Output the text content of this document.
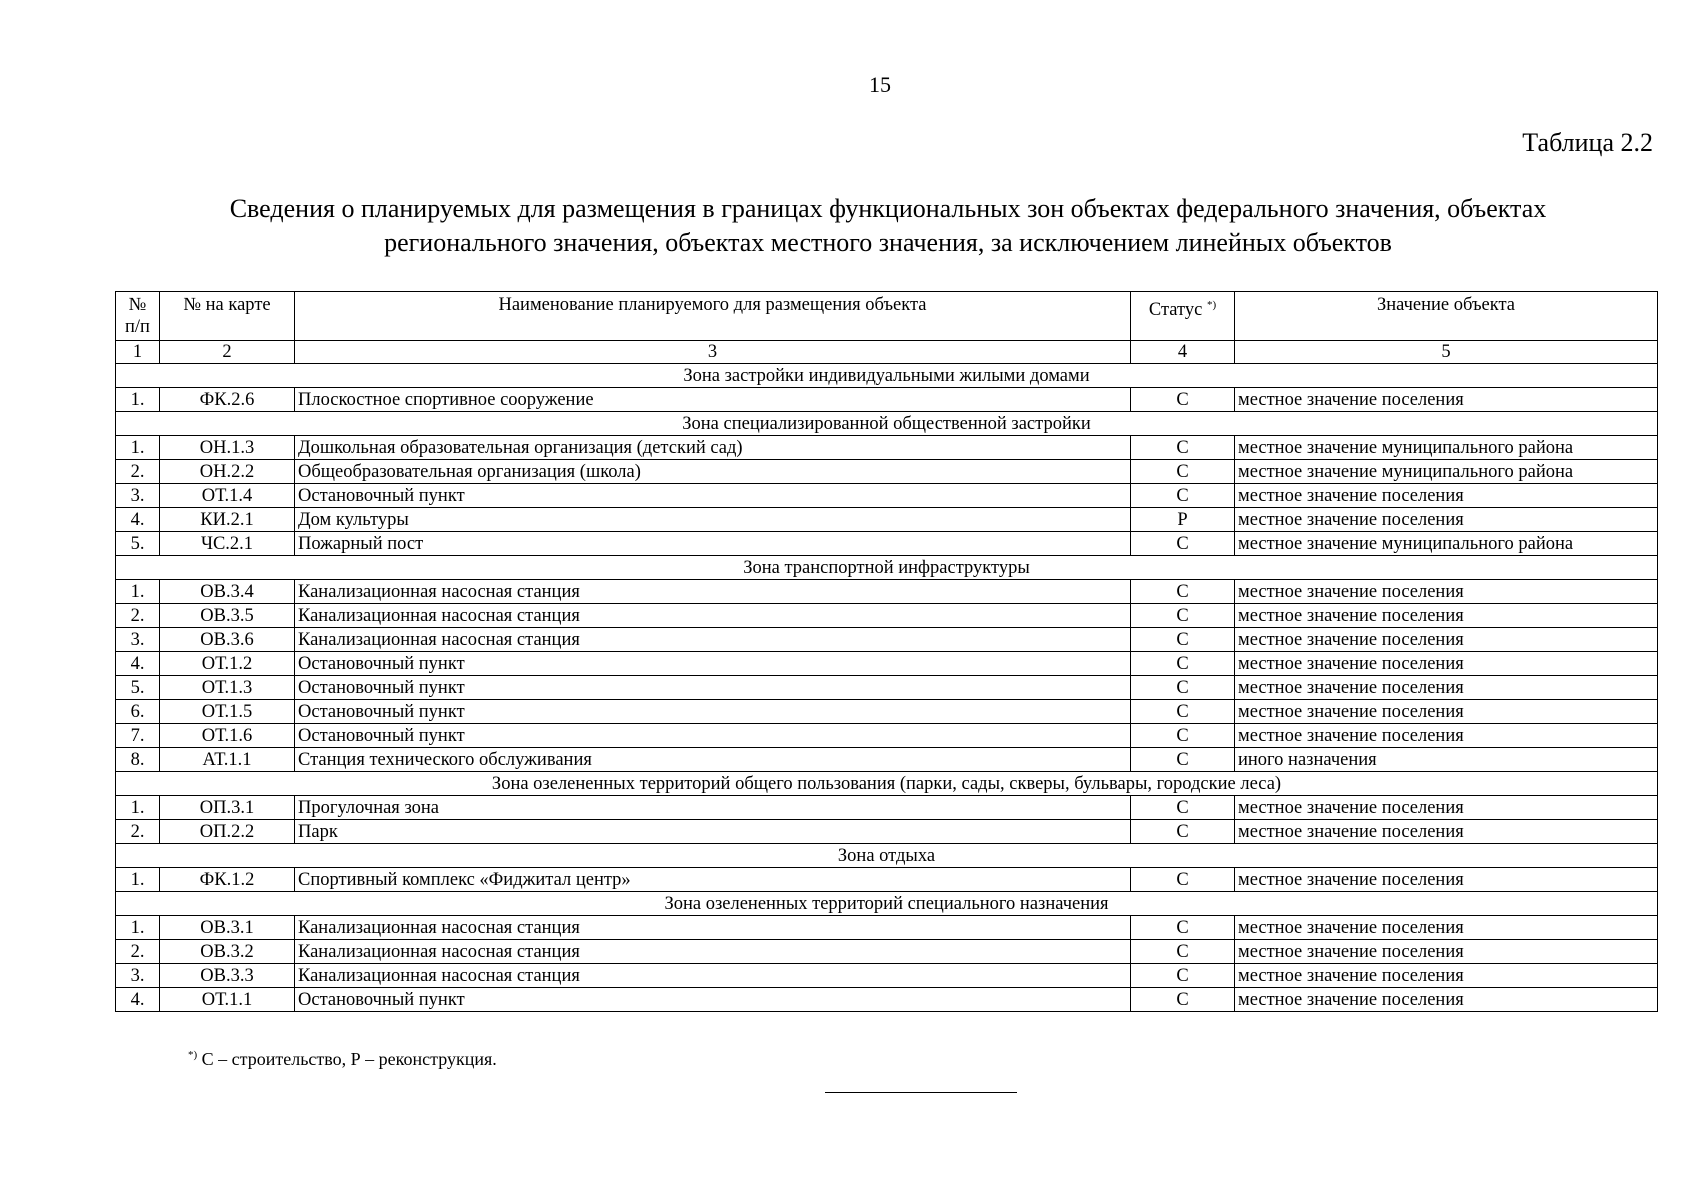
15
Таблица 2.2
Сведения о планируемых для размещения в границах функциональных зон объектах федерального значения, объектах
регионального значения, объектах местного значения, за исключением линейных объектов
№
п/п	№ на карте	Наименование планируемого для размещения объекта	Статус *)	Значение объекта
1	2	3	4	5
Зона застройки индивидуальными жилыми домами				
1.	ФК.2.6	Плоскостное спортивное сооружение	С	местное значение поселения
Зона специализированной общественной застройки				
1.	ОН.1.3	Дошкольная образовательная организация (детский сад)	С	местное значение муниципального района
2.	ОН.2.2	Общеобразовательная организация (школа)	С	местное значение муниципального района
3.	ОТ.1.4	Остановочный пункт	С	местное значение поселения
4.	КИ.2.1	Дом культуры	Р	местное значение поселения
5.	ЧС.2.1	Пожарный пост	С	местное значение муниципального района
Зона транспортной инфраструктуры				
1.	ОВ.3.4	Канализационная насосная станция	С	местное значение поселения
2.	ОВ.3.5	Канализационная насосная станция	С	местное значение поселения
3.	ОВ.3.6	Канализационная насосная станция	С	местное значение поселения
4.	ОТ.1.2	Остановочный пункт	С	местное значение поселения
5.	ОТ.1.3	Остановочный пункт	С	местное значение поселения
6.	ОТ.1.5	Остановочный пункт	С	местное значение поселения
7.	ОТ.1.6	Остановочный пункт	С	местное значение поселения
8.	АТ.1.1	Станция технического обслуживания	С	иного назначения
Зона озелененных территорий общего пользования (парки, сады, скверы, бульвары, городские леса)				
1.	ОП.3.1	Прогулочная зона	С	местное значение поселения
2.	ОП.2.2	Парк	С	местное значение поселения
Зона отдыха				
1.	ФК.1.2	Спортивный комплекс «Фиджитал центр»	С	местное значение поселения
Зона озелененных территорий специального назначения				
1.	ОВ.3.1	Канализационная насосная станция	С	местное значение поселения
2.	ОВ.3.2	Канализационная насосная станция	С	местное значение поселения
3.	ОВ.3.3	Канализационная насосная станция	С	местное значение поселения
4.	ОТ.1.1	Остановочный пункт	С	местное значение поселения
*) С – строительство, Р – реконструкция.
